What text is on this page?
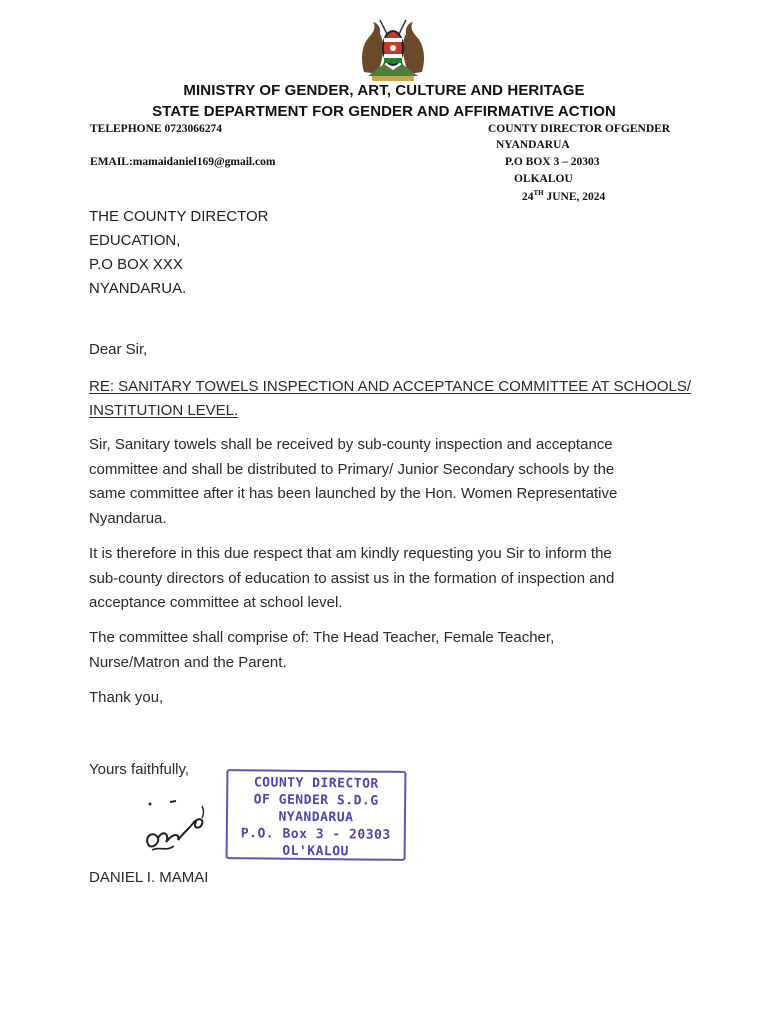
MINISTRY OF GENDER, ART, CULTURE AND HERITAGE
STATE DEPARTMENT FOR GENDER AND AFFIRMATIVE ACTION
TELEPHONE 0723066274
EMAIL:mamaidaniel169@gmail.com
COUNTY DIRECTOR OFGENDER
NYANDARUA
P.O BOX 3 – 20303
OLKALOU
24TH JUNE, 2024
THE COUNTY DIRECTOR
EDUCATION,
P.O BOX XXX
NYANDARUA.
Dear Sir,
RE: SANITARY TOWELS INSPECTION AND ACCEPTANCE COMMITTEE AT SCHOOLS/
INSTITUTION LEVEL.
Sir, Sanitary towels shall be received by sub-county inspection and acceptance
committee and shall be distributed to Primary/ Junior Secondary schools by the
same committee after it has been launched by the Hon. Women Representative
Nyandarua.
It is therefore in this due respect that am kindly requesting you Sir to inform the
sub-county directors of education to assist us in the formation of inspection and
acceptance committee at school level.
The committee shall comprise of: The Head Teacher, Female Teacher,
Nurse/Matron and the Parent.
Thank you,
Yours faithfully,
COUNTY DIRECTOR
OF GENDER S.D.G
NYANDARUA
P.O. Box 3 - 20303
OL'KALOU
DANIEL I. MAMAI
